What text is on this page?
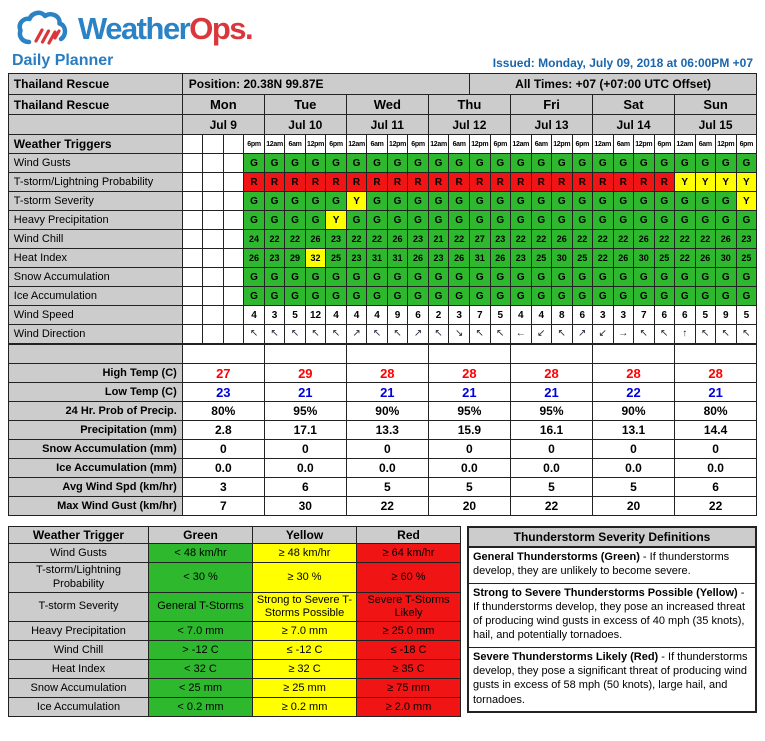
WeatherOps.
Daily Planner	Issued: Monday, July 09, 2018 at 06:00PM +07
Thailand Rescue	Position: 20.38N 99.87E														All Times: +07 (+07:00 UTC Offset)													
Thailand Rescue	Mon				Tue				Wed				Thu				Fri				Sat				Sun			
	Jul 9				Jul 10				Jul 11				Jul 12				Jul 13				Jul 14				Jul 15			
Weather Triggers				6pm	12am	6am	12pm	6pm	12am	6am	12pm	6pm	12am	6am	12pm	6pm	12am	6am	12pm	6pm	12am	6am	12pm	6pm	12am	6am	12pm	6pm
Wind Gusts				G	G	G	G	G	G	G	G	G	G	G	G	G	G	G	G	G	G	G	G	G	G	G	G	G
T-storm/Lightning Probability				R	R	R	R	R	R	R	R	R	R	R	R	R	R	R	R	R	R	R	R	R	Y	Y	Y	Y
T-storm Severity				G	G	G	G	G	Y	G	G	G	G	G	G	G	G	G	G	G	G	G	G	G	G	G	G	Y
Heavy Precipitation				G	G	G	G	Y	G	G	G	G	G	G	G	G	G	G	G	G	G	G	G	G	G	G	G	G
Wind Chill				24	22	22	26	23	22	22	26	23	21	22	27	23	22	22	26	22	22	22	26	22	22	22	26	23
Heat Index				26	23	29	32	25	23	31	31	26	23	26	31	26	23	25	30	25	22	26	30	25	22	26	30	25
Snow Accumulation				G	G	G	G	G	G	G	G	G	G	G	G	G	G	G	G	G	G	G	G	G	G	G	G	G
Ice Accumulation				G	G	G	G	G	G	G	G	G	G	G	G	G	G	G	G	G	G	G	G	G	G	G	G	G
Wind Speed				4	3	5	12	4	4	4	9	6	2	3	7	5	4	4	8	6	3	3	7	6	6	5	9	5
Wind Direction				↖	↖	↖	↖	↖	↗	↖	↖	↗	↖	↘	↖	↖	←	↙	↖	↗	↙	→	↖	↖	↑	↖	↖	↖

High Temp (C)	27				29				28				28				28				28				28			
Low Temp (C)	23				21				21				21				21				22				21			
24 Hr. Prob of Precip.	80%				95%				90%				95%				95%				90%				80%			
Precipitation (mm)	2.8				17.1				13.3				15.9				16.1				13.1				14.4			
Snow Accumulation (mm)	0				0				0				0				0				0				0			
Ice Accumulation (mm)	0.0				0.0				0.0				0.0				0.0				0.0				0.0			
Avg Wind Spd (km/hr)	3				6				5				5				5				5				6			
Max Wind Gust (km/hr)	7				30				22				20				22				20				22			
Weather Trigger	Green	Yellow	Red
Wind Gusts	< 48 km/hr	≥ 48 km/hr	≥ 64 km/hr
T-storm/Lightning Probability	< 30 %	≥ 30 %	≥ 60 %
T-storm Severity	General T-Storms	Strong to Severe T-Storms Possible	Severe T-Storms Likely
Heavy Precipitation	< 7.0 mm	≥ 7.0 mm	≥ 25.0 mm
Wind Chill	> -12 C	≤ -12 C	≤ -18 C
Heat Index	< 32 C	≥ 32 C	≥ 35 C
Snow Accumulation	< 25 mm	≥ 25 mm	≥ 75 mm
Ice Accumulation	< 0.2 mm	≥ 0.2 mm	≥ 2.0 mm
Thunderstorm Severity Definitions
General Thunderstorms (Green) - If thunderstorms develop, they are unlikely to become severe.
Strong to Severe Thunderstorms Possible (Yellow) - If thunderstorms develop, they pose an increased threat of producing wind gusts in excess of 40 mph (35 knots), hail, and potentially tornadoes.
Severe Thunderstorms Likely (Red) - If thunderstorms develop, they pose a significant threat of producing wind gusts in excess of 58 mph (50 knots), large hail, and tornadoes.
